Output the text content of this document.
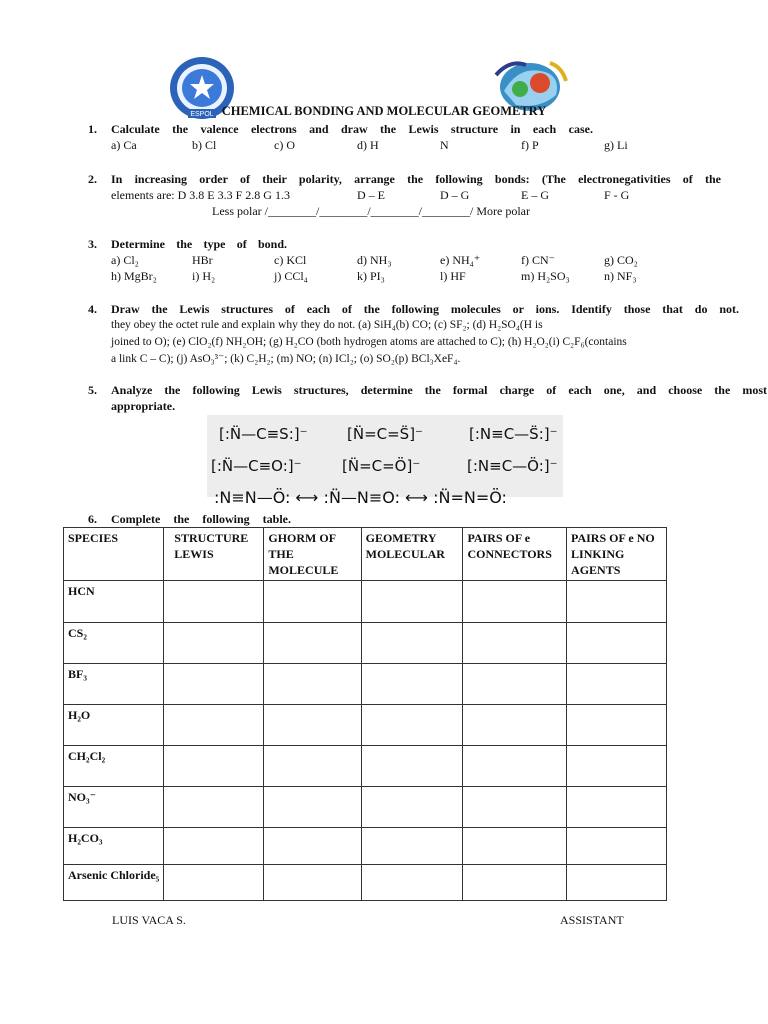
ESPOL CHEMICAL BONDING AND MOLECULAR GEOMETRY
1. Calculate the valence electrons and draw the Lewis structure in each case.
a) Ca	b) Cl	c) O	d) H	N	f) P	g) Li
2. In increasing order of their polarity, arrange the following bonds: (The electronegativities of the
elements are: D 3.8 E 3.3 F 2.8 G 1.3	D – E	D – G	E – G	F - G
Less polar /________/________/________/________/ More polar
3. Determine the type of bond.
a) Cl₂	HBr	c) KCl	d) NH₃	e) NH₄⁺	f) CN⁻	g) CO₂
h) MgBr₂	i) H₂	j) CCl₄	k) PI₃	l) HF	m) H₂SO₃	n) NF₃
4. Draw the Lewis structures of each of the following molecules or ions. Identify those that do not.
they obey the octet rule and explain why they do not. (a) SiH₄(b) CO; (c) SF₂; (d) H₂SO₄(H is
joined to O); (e) ClO₂(f) NH₂OH; (g) H₂CO (both hydrogen atoms are attached to C); (h) H₂O₂(i) C₂F₆(contains
a link C – C); (j) AsO₃³⁻; (k) C₂H₂; (m) NO; (n) ICl₂; (o) SO₂(p) BCl₃XeF₄.
5. Analyze the following Lewis structures, determine the formal charge of each one, and choose the most
appropriate.
[:N̈—C≡S:]⁻	[N̈=C=S̈]⁻	[:N≡C—S̈:]⁻
[:N̈—C≡O:]⁻	[N̈=C=Ö]⁻	[:N≡C—Ö:]⁻
:N≡N—Ö: ⟷ :N̈—N≡O: ⟷ :N̈=N=Ö:
6. Complete the following table.
SPECIES	STRUCTURE LEWIS	GHORM OF THE MOLECULE	GEOMETRY MOLECULAR	PAIRS OF e CONNECTORS	PAIRS OF e NO LINKING AGENTS
HCN					
CS₂					
BF₃					
H₂O					
CH₂Cl₂					
NO₃⁻					
H₂CO₃					
Arsenic Chloride₅					
LUIS VACA S.	ASSISTANT
